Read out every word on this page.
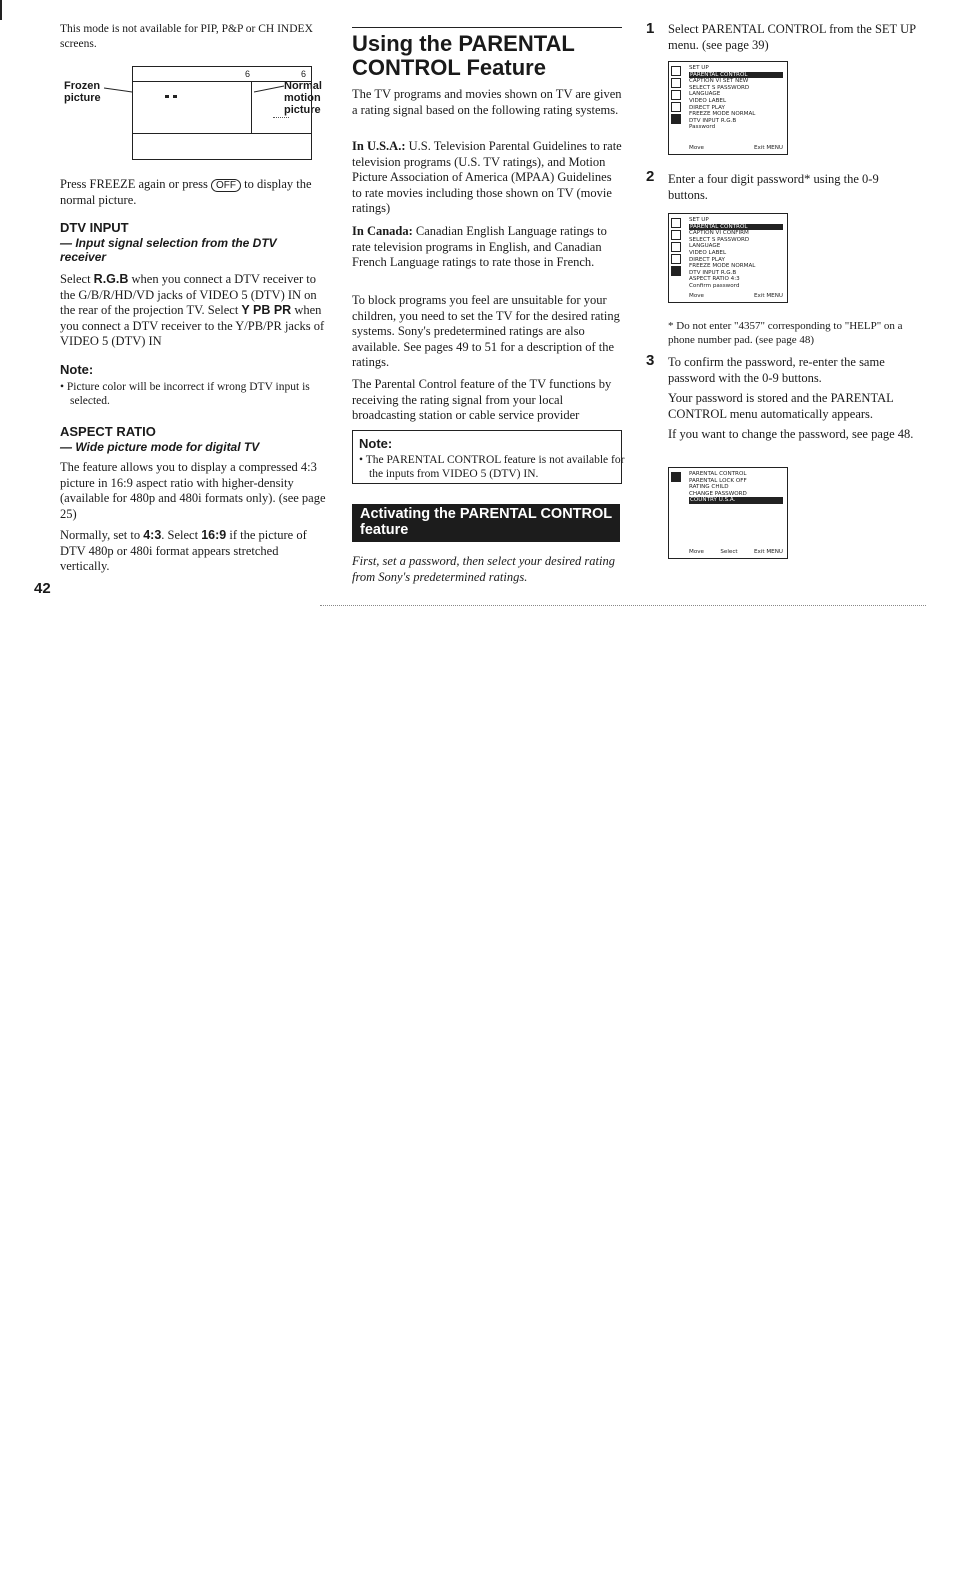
This mode is not available for PIP, P&P or CH INDEX screens.

Frozen picture
Normal motion picture
6	6

Press FREEZE again or press OFF to display the normal picture.

DTV INPUT
— Input signal selection from the DTV receiver

Select R.G.B when you connect a DTV receiver to the G/B/R/HD/VD jacks of VIDEO 5 (DTV) IN on the rear of the projection TV. Select Y PB PR when you connect a DTV receiver to the Y/PB/PR jacks of VIDEO 5 (DTV) IN

Note:

• Picture color will be incorrect if wrong DTV input is selected.

ASPECT RATIO
— Wide picture mode for digital TV

The feature allows you to display a compressed 4:3 picture in 16:9 aspect ratio with higher-density (available for 480p and 480i formats only). (see page 25)

Normally, set to 4:3. Select 16:9 if the picture of DTV 480p or 480i format appears stretched vertically.

42
Using the PARENTAL CONTROL Feature

The TV programs and movies shown on TV are given a rating signal based on the following rating systems.

In U.S.A.: U.S. Television Parental Guidelines to rate television programs (U.S. TV ratings), and Motion Picture Association of America (MPAA) Guidelines to rate movies including those shown on TV (movie ratings)

In Canada: Canadian English Language ratings to rate television programs in English, and Canadian French Language ratings to rate those in French.

To block programs you feel are unsuitable for your children, you need to set the TV for the desired rating systems. Sony's predetermined ratings are also available. See pages 49 to 51 for a description of the ratings.

The Parental Control feature of the TV functions by receiving the rating signal from your local broadcasting station or cable service provider

Note:

• The PARENTAL CONTROL feature is not available for the inputs from VIDEO 5 (DTV) IN.

First, set a password, then select your desired rating from Sony's predetermined ratings.

Activating the PARENTAL CONTROL feature
1 Select PARENTAL CONTROL from the SET UP menu. (see page 39)

SET UP
PARENTAL CONTROL
CAPTION VI SET NEW
SELECT S PASSWORD
LANGUAGE
VIDEO LABEL
DIRECT PLAY
FREEZE MODE NORMAL
DTV INPUT R.G.B
Password
Move	Exit MENU
2 Enter a four digit password* using the 0-9 buttons.

SET UP
PARENTAL CONTROL
CAPTION VI CONFIRM
SELECT S PASSWORD
LANGUAGE
VIDEO LABEL
DIRECT PLAY
FREEZE MODE NORMAL
DTV INPUT R.G.B
ASPECT RATIO 4:3
Confirm password
Move	Exit MENU

* Do not enter "4357" corresponding to "HELP" on a phone number pad. (see page 48)

3 To confirm the password, re-enter the same password with the 0-9 buttons.

Your password is stored and the PARENTAL CONTROL menu automatically appears.

If you want to change the password, see page 48.

PARENTAL CONTROL
PARENTAL LOCK OFF
RATING CHILD
CHANGE PASSWORD
COUNTRY U.S.A.
Move	Select	Exit MENU
